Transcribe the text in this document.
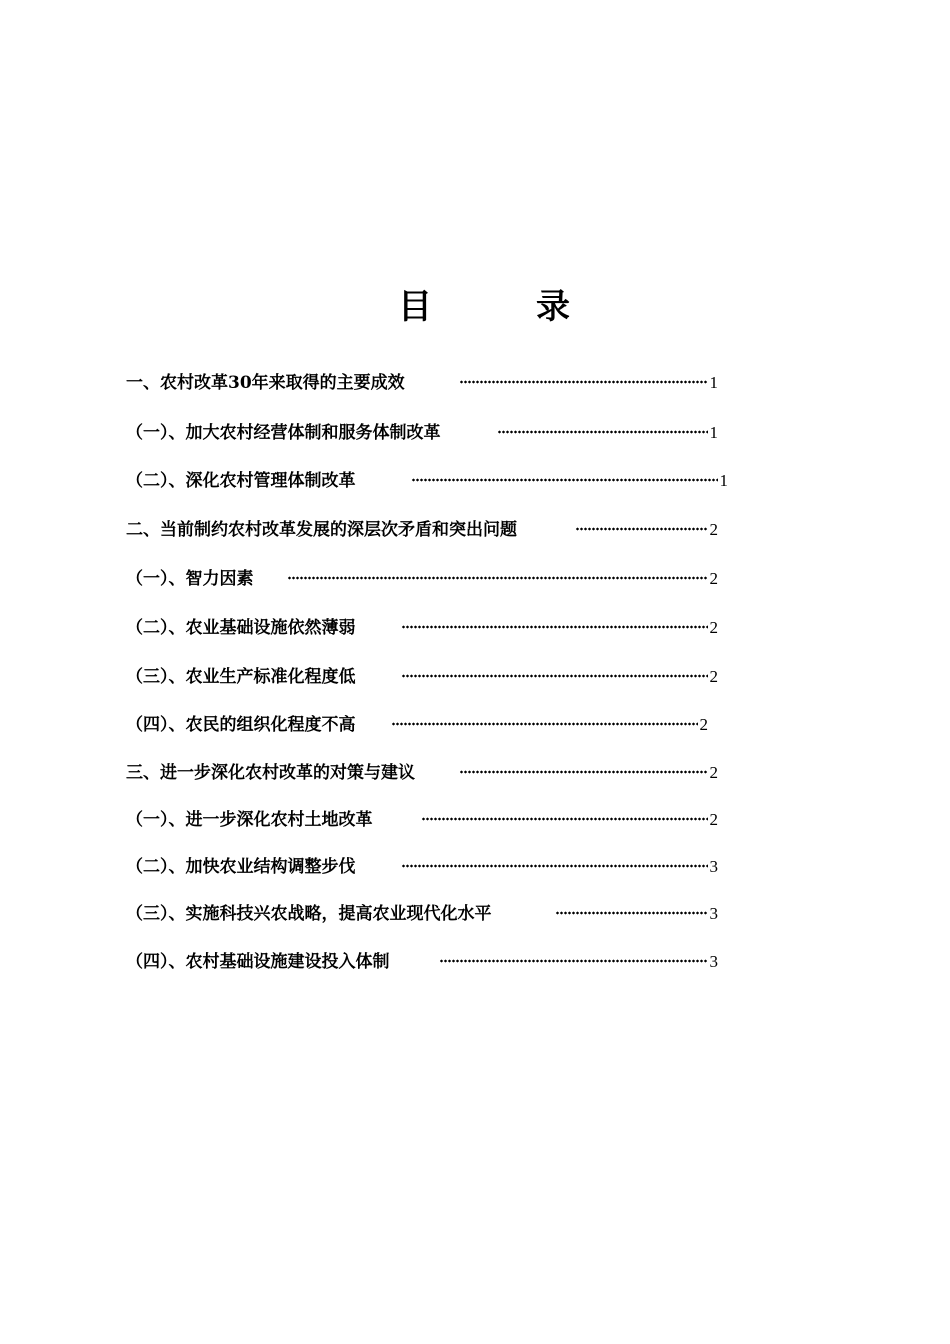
目	录
一、农村改革30年来取得的主要成效	1
（一）、加大农村经营体制和服务体制改革	1
（二）、深化农村管理体制改革	1
二、当前制约农村改革发展的深层次矛盾和突出问题	2
（一）、智力因素	2
（二）、农业基础设施依然薄弱	2
（三）、农业生产标准化程度低	2
（四）、农民的组织化程度不高	2
三、进一步深化农村改革的对策与建议	2
（一）、进一步深化农村土地改革	2
（二）、加快农业结构调整步伐	3
（三）、实施科技兴农战略，提高农业现代化水平	3
（四）、农村基础设施建设投入体制	3
